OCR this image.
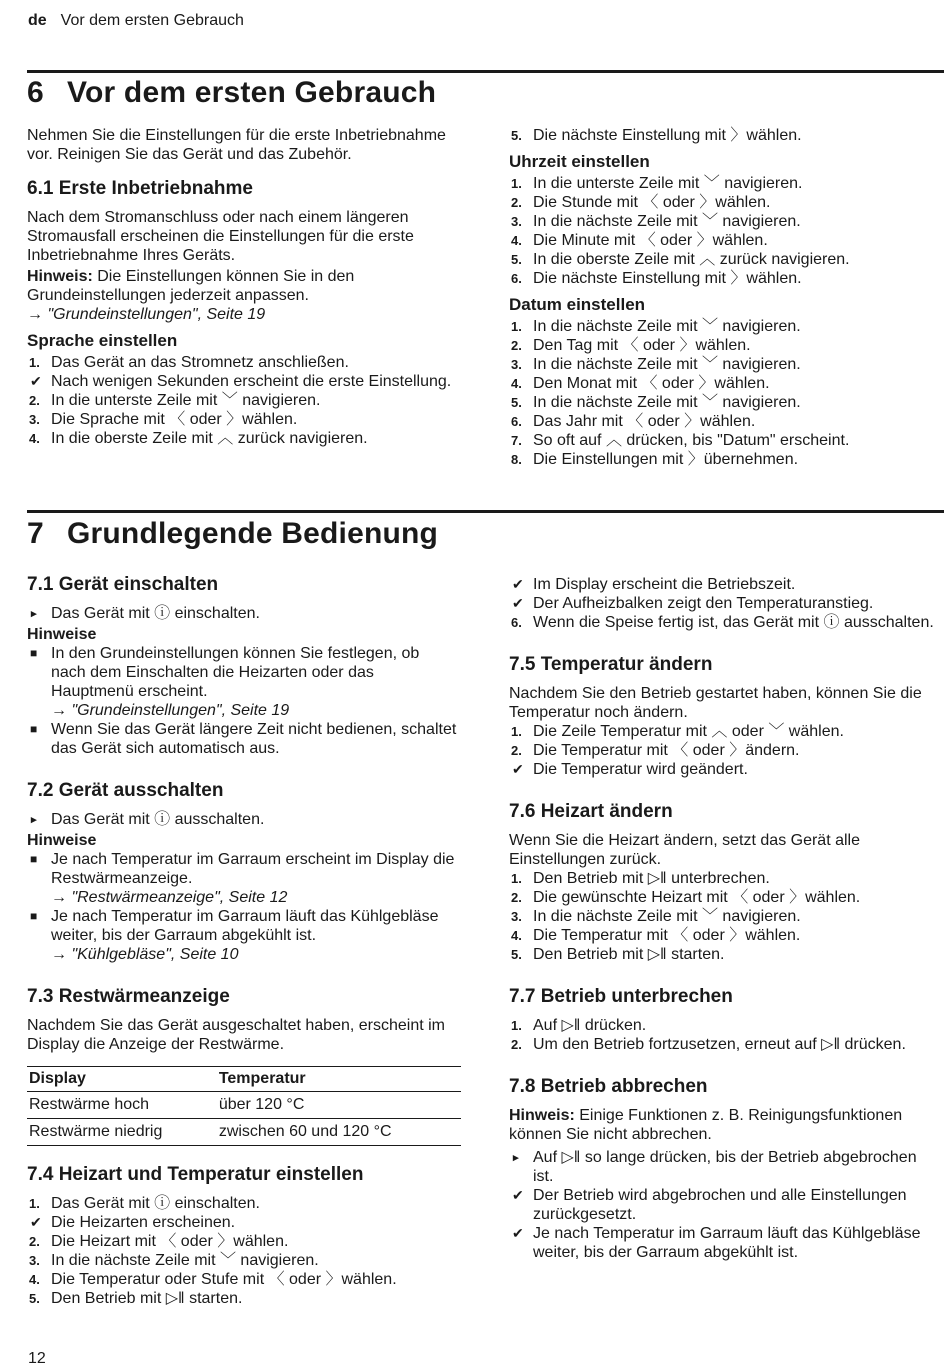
de Vor dem ersten Gebrauch
6 Vor dem ersten Gebrauch

Nehmen Sie die Einstellungen für die erste Inbetriebnahme vor. Reinigen Sie das Gerät und das Zubehör.

6.1 Erste Inbetriebnahme

Nach dem Stromanschluss oder nach einem längeren Stromausfall erscheinen die Einstellungen für die erste Inbetriebnahme Ihres Geräts.

Hinweis: Die Einstellungen können Sie in den Grundeinstellungen jederzeit anpassen.

→ "Grundeinstellungen", Seite 19

Sprache einstellen
1. Das Gerät an das Stromnetz anschließen.
✔ Nach wenigen Sekunden erscheint die erste Einstellung.
2. In die unterste Zeile mit ﹀ navigieren.
3. Die Sprache mit 〈 oder 〉wählen.
4. In die oberste Zeile mit ︿ zurück navigieren.
5. Die nächste Einstellung mit 〉wählen.
Uhrzeit einstellen
1. In die unterste Zeile mit ﹀ navigieren.
2. Die Stunde mit 〈 oder 〉wählen.
3. In die nächste Zeile mit ﹀ navigieren.
4. Die Minute mit 〈 oder 〉wählen.
5. In die oberste Zeile mit ︿ zurück navigieren.
6. Die nächste Einstellung mit 〉wählen.
Datum einstellen
1. In die nächste Zeile mit ﹀ navigieren.
2. Den Tag mit 〈 oder 〉wählen.
3. In die nächste Zeile mit ﹀ navigieren.
4. Den Monat mit 〈 oder 〉wählen.
5. In die nächste Zeile mit ﹀ navigieren.
6. Das Jahr mit 〈 oder 〉wählen.
7. So oft auf ︿ drücken, bis "Datum" erscheint.
8. Die Einstellungen mit 〉übernehmen.
7 Grundlegende Bedienung
7.1 Gerät einschalten
▸ Das Gerät mit ⓘ einschalten.

Hinweise

■ In den Grundeinstellungen können Sie festlegen, ob nach dem Einschalten die Heizarten oder das Hauptmenü erscheint.
→ "Grundeinstellungen", Seite 19
■ Wenn Sie das Gerät längere Zeit nicht bedienen, schaltet das Gerät sich automatisch aus.
7.2 Gerät ausschalten
▸ Das Gerät mit ⓘ ausschalten.

Hinweise

■ Je nach Temperatur im Garraum erscheint im Display die Restwärmeanzeige.
→ "Restwärmeanzeige", Seite 12
■ Je nach Temperatur im Garraum läuft das Kühlgebläse weiter, bis der Garraum abgekühlt ist.
→ "Kühlgebläse", Seite 10
7.3 Restwärmeanzeige

Nachdem Sie das Gerät ausgeschaltet haben, erscheint im Display die Anzeige der Restwärme.

Display	Temperatur
Restwärme hoch	über 120 °C
Restwärme niedrig	zwischen 60 und 120 °C
7.4 Heizart und Temperatur einstellen
1. Das Gerät mit ⓘ einschalten.
✔ Die Heizarten erscheinen.
2. Die Heizart mit 〈 oder 〉wählen.
3. In die nächste Zeile mit ﹀ navigieren.
4. Die Temperatur oder Stufe mit 〈 oder 〉wählen.
5. Den Betrieb mit ▷‖ starten.
✔ Im Display erscheint die Betriebszeit.
✔ Der Aufheizbalken zeigt den Temperaturanstieg.
6. Wenn die Speise fertig ist, das Gerät mit ⓘ ausschalten.
7.5 Temperatur ändern

Nachdem Sie den Betrieb gestartet haben, können Sie die Temperatur noch ändern.

1. Die Zeile Temperatur mit ︿ oder ﹀ wählen.
2. Die Temperatur mit 〈 oder 〉ändern.
✔ Die Temperatur wird geändert.
7.6 Heizart ändern

Wenn Sie die Heizart ändern, setzt das Gerät alle Einstellungen zurück.

1. Den Betrieb mit ▷‖ unterbrechen.
2. Die gewünschte Heizart mit 〈 oder 〉wählen.
3. In die nächste Zeile mit ﹀ navigieren.
4. Die Temperatur mit 〈 oder 〉wählen.
5. Den Betrieb mit ▷‖ starten.
7.7 Betrieb unterbrechen
1. Auf ▷‖ drücken.
2. Um den Betrieb fortzusetzen, erneut auf ▷‖ drücken.
7.8 Betrieb abbrechen

Hinweis: Einige Funktionen z. B. Reinigungsfunktionen können Sie nicht abbrechen.

▸ Auf ▷‖ so lange drücken, bis der Betrieb abgebrochen ist.
✔ Der Betrieb wird abgebrochen und alle Einstellungen zurückgesetzt.
✔ Je nach Temperatur im Garraum läuft das Kühlgebläse weiter, bis der Garraum abgekühlt ist.
12
